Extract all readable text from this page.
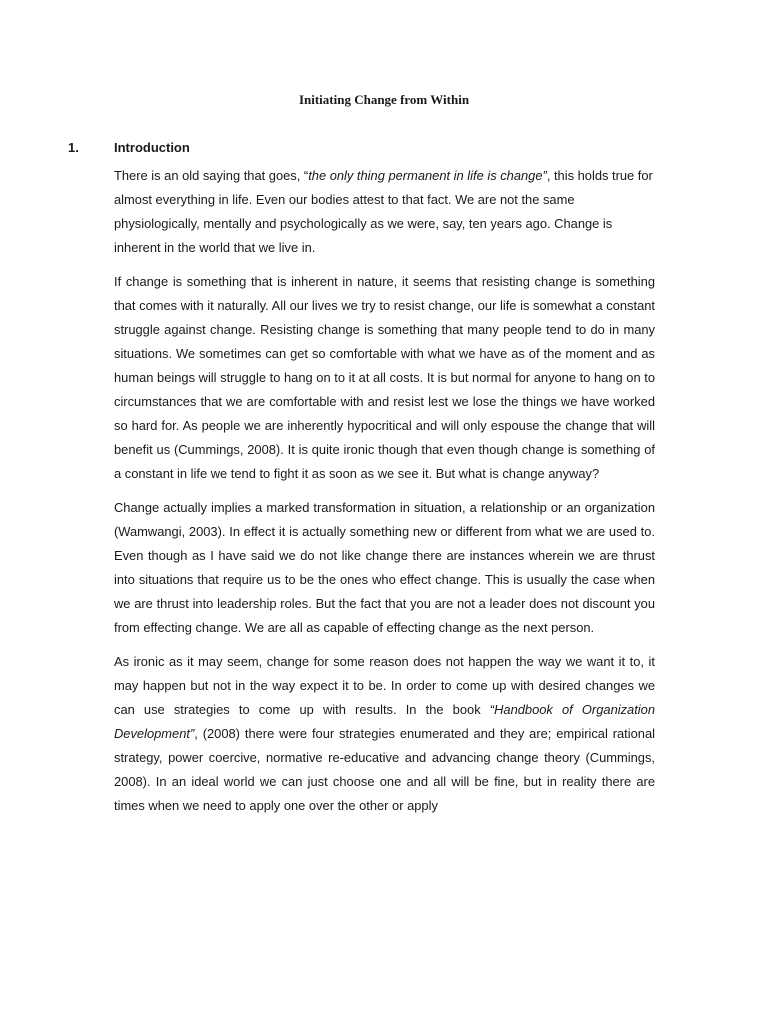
Initiating Change from Within
1.	Introduction

There is an old saying that goes, “the only thing permanent in life is change”, this holds true for almost everything in life. Even our bodies attest to that fact. We are not the same physiologically, mentally and psychologically as we were, say, ten years ago. Change is inherent in the world that we live in.

If change is something that is inherent in nature, it seems that resisting change is something that comes with it naturally. All our lives we try to resist change, our life is somewhat a constant struggle against change. Resisting change is something that many people tend to do in many situations. We sometimes can get so comfortable with what we have as of the moment and as human beings will struggle to hang on to it at all costs. It is but normal for anyone to hang on to circumstances that we are comfortable with and resist lest we lose the things we have worked so hard for. As people we are inherently hypocritical and will only espouse the change that will benefit us (Cummings, 2008). It is quite ironic though that even though change is something of a constant in life we tend to fight it as soon as we see it. But what is change anyway?

Change actually implies a marked transformation in situation, a relationship or an organization (Wamwangi, 2003). In effect it is actually something new or different from what we are used to. Even though as I have said we do not like change there are instances wherein we are thrust into situations that require us to be the ones who effect change. This is usually the case when we are thrust into leadership roles. But the fact that you are not a leader does not discount you from effecting change. We are all as capable of effecting change as the next person.

As ironic as it may seem, change for some reason does not happen the way we want it to, it may happen but not in the way expect it to be. In order to come up with desired changes we can use strategies to come up with results. In the book “Handbook of Organization Development”, (2008) there were four strategies enumerated and they are; empirical rational strategy, power coercive, normative re-educative and advancing change theory (Cummings, 2008). In an ideal world we can just choose one and all will be fine, but in reality there are times when we need to apply one over the other or apply
